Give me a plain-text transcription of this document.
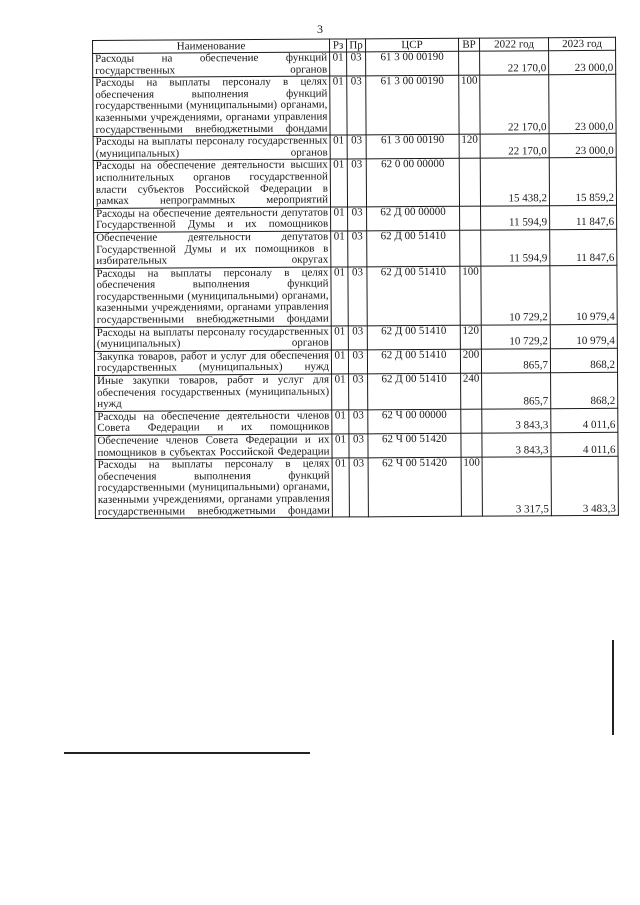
3
Наименование	Рз	Пр	ЦСР	ВР	2022 год	2023 год
Расходы на обеспечение функций государственных органов	01	03	61 3 00 00190		22 170,0	23 000,0
Расходы на выплаты персоналу в целях обеспечения выполнения функций государственными (муниципальными) органами, казенными учреждениями, органами управления государственными внебюджетными фондами	01	03	61 3 00 00190	100	22 170,0	23 000,0
Расходы на выплаты персоналу государственных (муниципальных) органов	01	03	61 3 00 00190	120	22 170,0	23 000,0
Расходы на обеспечение деятельности высших исполнительных органов государственной власти субъектов Российской Федерации в рамках непрограммных мероприятий	01	03	62 0 00 00000		15 438,2	15 859,2
Расходы на обеспечение деятельности депутатов Государственной Думы и их помощников	01	03	62 Д 00 00000		11 594,9	11 847,6
Обеспечение деятельности депутатов Государственной Думы и их помощников в избирательных округах	01	03	62 Д 00 51410		11 594,9	11 847,6
Расходы на выплаты персоналу в целях обеспечения выполнения функций государственными (муниципальными) органами, казенными учреждениями, органами управления государственными внебюджетными фондами	01	03	62 Д 00 51410	100	10 729,2	10 979,4
Расходы на выплаты персоналу государственных (муниципальных) органов	01	03	62 Д 00 51410	120	10 729,2	10 979,4
Закупка товаров, работ и услуг для обеспечения государственных (муниципальных) нужд	01	03	62 Д 00 51410	200	865,7	868,2
Иные закупки товаров, работ и услуг для обеспечения государственных (муниципальных) нужд	01	03	62 Д 00 51410	240	865,7	868,2
Расходы на обеспечение деятельности членов Совета Федерации и их помощников	01	03	62 Ч 00 00000		3 843,3	4 011,6
Обеспечение членов Совета Федерации и их помощников в субъектах Российской Федерации	01	03	62 Ч 00 51420		3 843,3	4 011,6
Расходы на выплаты персоналу в целях обеспечения выполнения функций государственными (муниципальными) органами, казенными учреждениями, органами управления государственными внебюджетными фондами	01	03	62 Ч 00 51420	100	3 317,5	3 483,3
